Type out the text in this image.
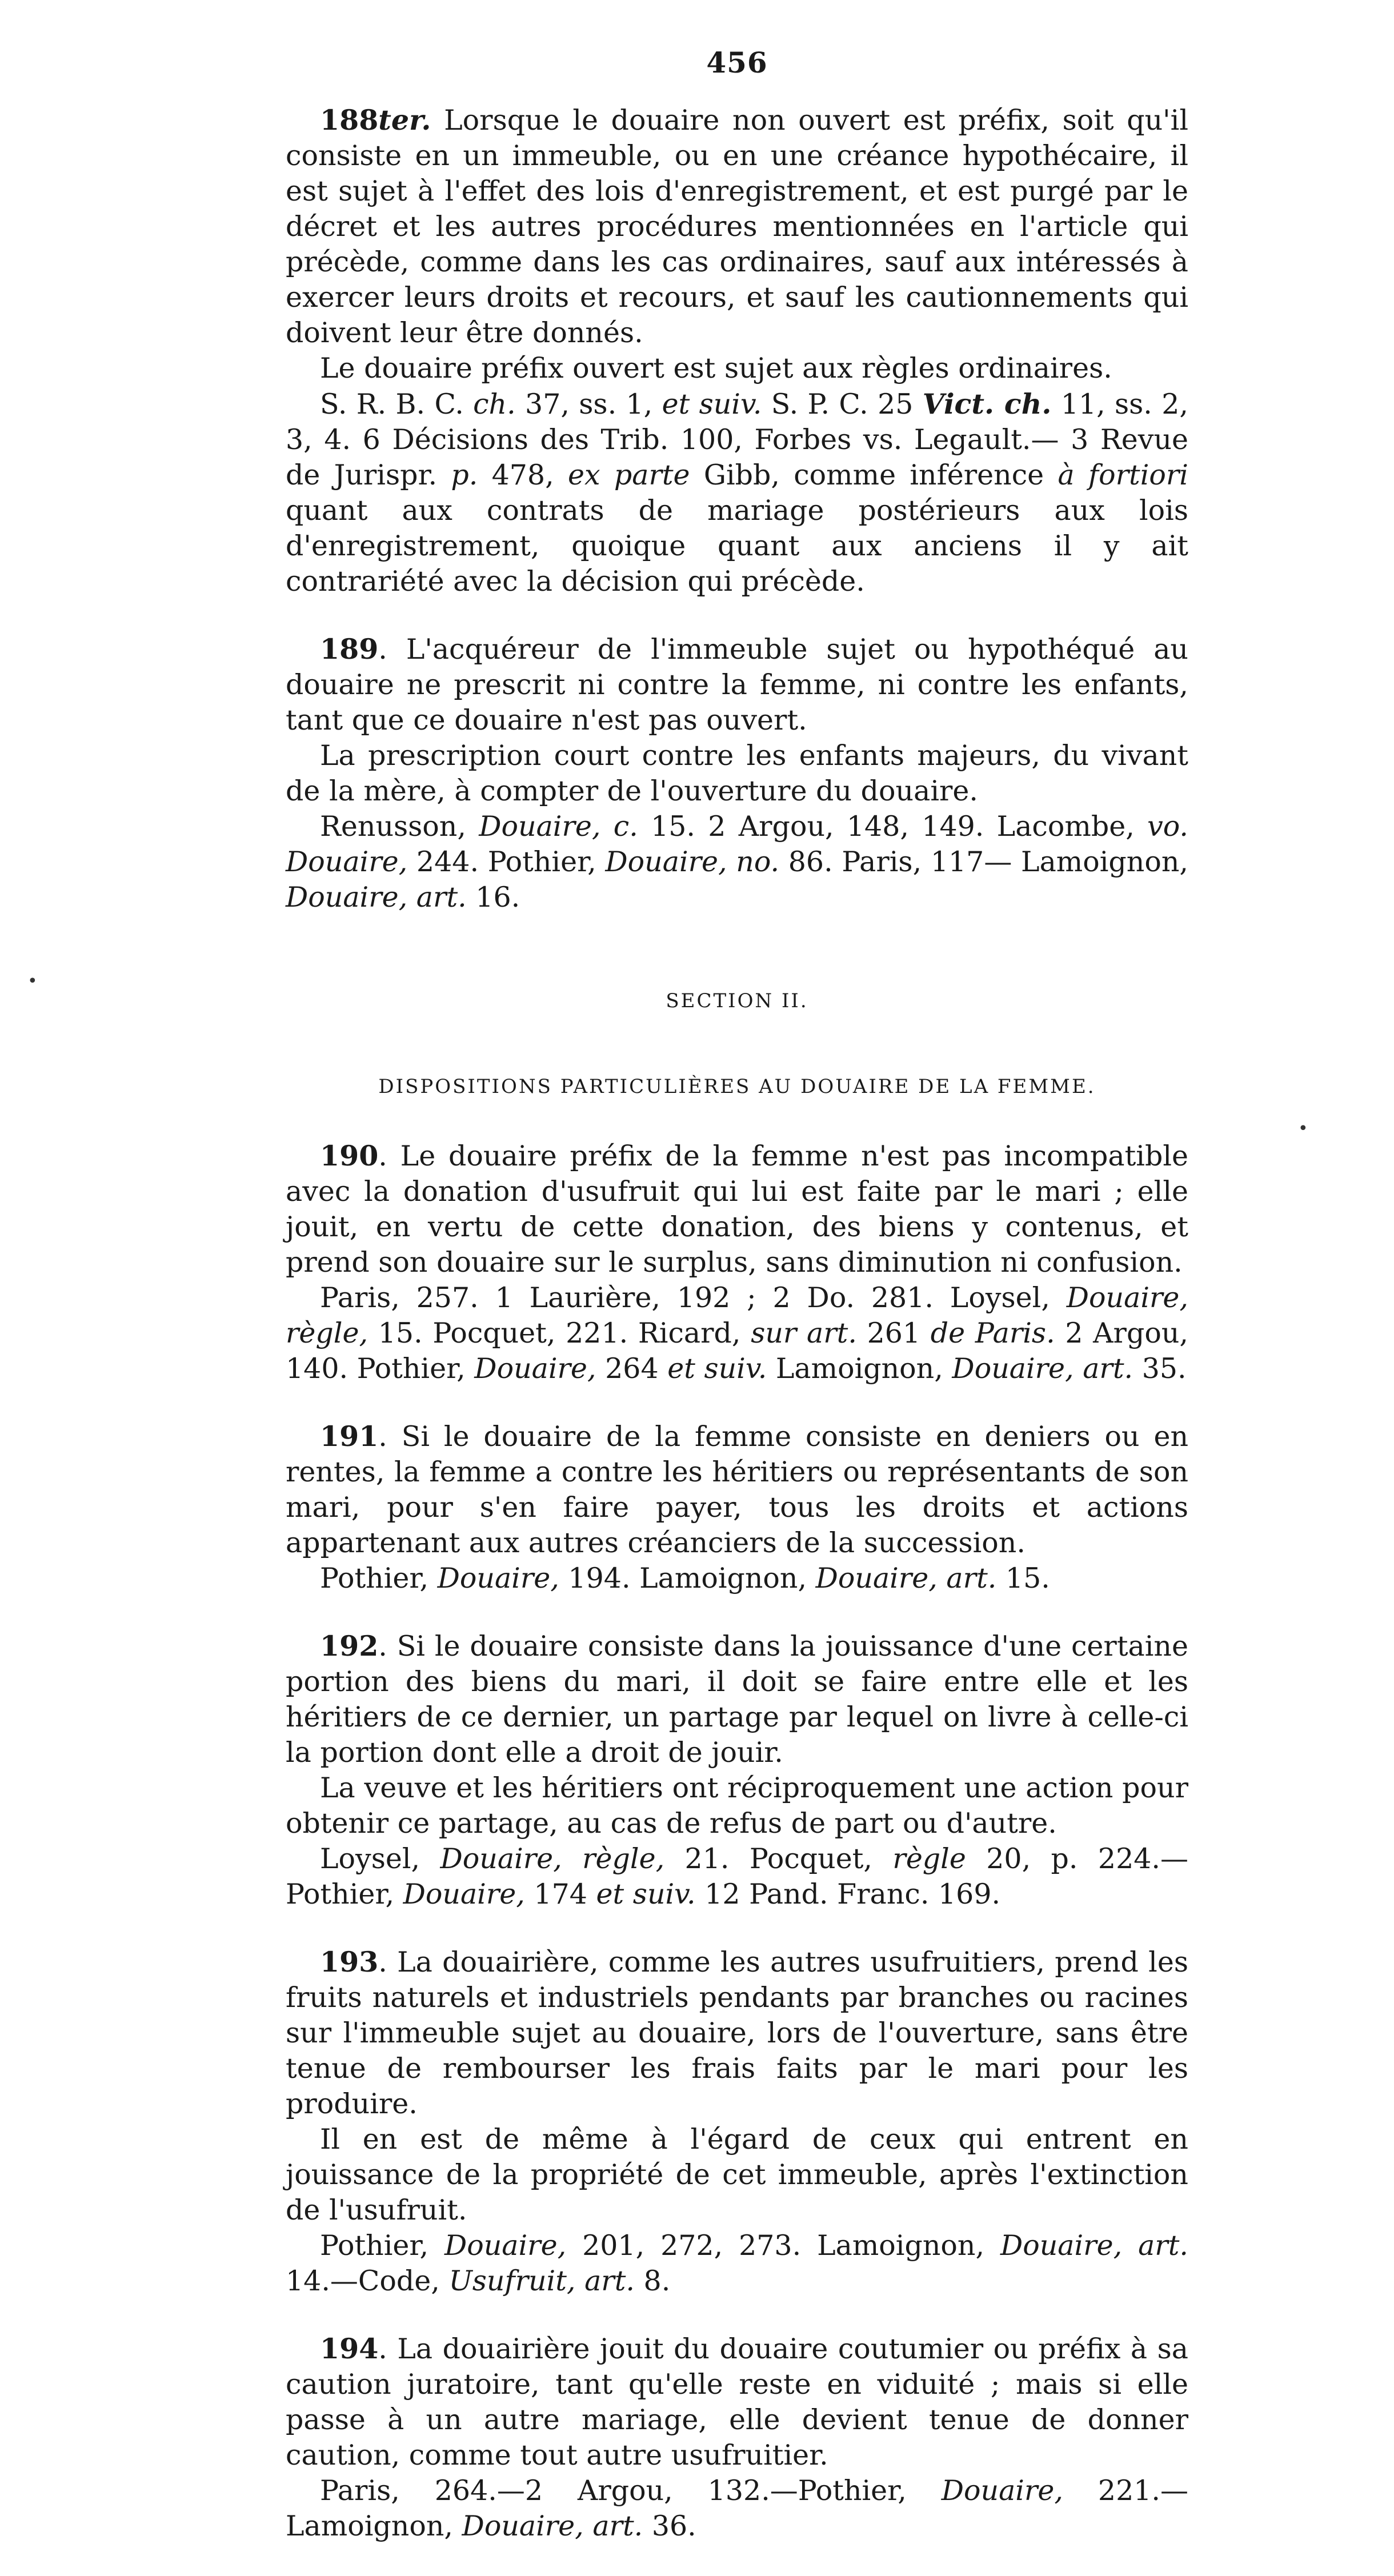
•
•
456

188ter. Lorsque le douaire non ouvert est préfix, soit qu'il consiste en un immeuble, ou en une créance hypothécaire, il est sujet à l'effet des lois d'enregistrement, et est purgé par le décret et les autres procédures mentionnées en l'article qui précède, comme dans les cas ordinaires, sauf aux intéressés à exercer leurs droits et recours, et sauf les cautionnements qui doivent leur être donnés.

Le douaire préfix ouvert est sujet aux règles ordinaires.

S. R. B. C. ch. 37, ss. 1, et suiv. S. P. C. 25 Vict. ch. 11, ss. 2, 3, 4. 6 Décisions des Trib. 100, Forbes vs. Legault.— 3 Revue de Jurispr. p. 478, ex parte Gibb, comme inférence à fortiori quant aux contrats de mariage postérieurs aux lois d'enregistrement, quoique quant aux anciens il y ait contrariété avec la décision qui précède.

189. L'acquéreur de l'immeuble sujet ou hypothéqué au douaire ne prescrit ni contre la femme, ni contre les enfants, tant que ce douaire n'est pas ouvert.

La prescription court contre les enfants majeurs, du vivant de la mère, à compter de l'ouverture du douaire.

Renusson, Douaire, c. 15. 2 Argou, 148, 149. Lacombe, vo. Douaire, 244. Pothier, Douaire, no. 86. Paris, 117— Lamoignon, Douaire, art. 16.

SECTION II.
DISPOSITIONS PARTICULIÈRES AU DOUAIRE DE LA FEMME.

190. Le douaire préfix de la femme n'est pas incompatible avec la donation d'usufruit qui lui est faite par le mari ; elle jouit, en vertu de cette donation, des biens y contenus, et prend son douaire sur le surplus, sans diminution ni confusion.

Paris, 257. 1 Laurière, 192 ; 2 Do. 281. Loysel, Douaire, règle, 15. Pocquet, 221. Ricard, sur art. 261 de Paris. 2 Argou, 140. Pothier, Douaire, 264 et suiv. Lamoignon, Douaire, art. 35.

191. Si le douaire de la femme consiste en deniers ou en rentes, la femme a contre les héritiers ou représentants de son mari, pour s'en faire payer, tous les droits et actions appartenant aux autres créanciers de la succession.

Pothier, Douaire, 194. Lamoignon, Douaire, art. 15.

192. Si le douaire consiste dans la jouissance d'une certaine portion des biens du mari, il doit se faire entre elle et les héritiers de ce dernier, un partage par lequel on livre à celle-ci la portion dont elle a droit de jouir.

La veuve et les héritiers ont réciproquement une action pour obtenir ce partage, au cas de refus de part ou d'autre.

Loysel, Douaire, règle, 21. Pocquet, règle 20, p. 224.— Pothier, Douaire, 174 et suiv. 12 Pand. Franc. 169.

193. La douairière, comme les autres usufruitiers, prend les fruits naturels et industriels pendants par branches ou racines sur l'immeuble sujet au douaire, lors de l'ouverture, sans être tenue de rembourser les frais faits par le mari pour les produire.

Il en est de même à l'égard de ceux qui entrent en jouissance de la propriété de cet immeuble, après l'extinction de l'usufruit.

Pothier, Douaire, 201, 272, 273. Lamoignon, Douaire, art. 14.—Code, Usufruit, art. 8.

194. La douairière jouit du douaire coutumier ou préfix à sa caution juratoire, tant qu'elle reste en viduité ; mais si elle passe à un autre mariage, elle devient tenue de donner caution, comme tout autre usufruitier.

Paris, 264.—2 Argou, 132.—Pothier, Douaire, 221.—Lamoignon, Douaire, art. 36.
